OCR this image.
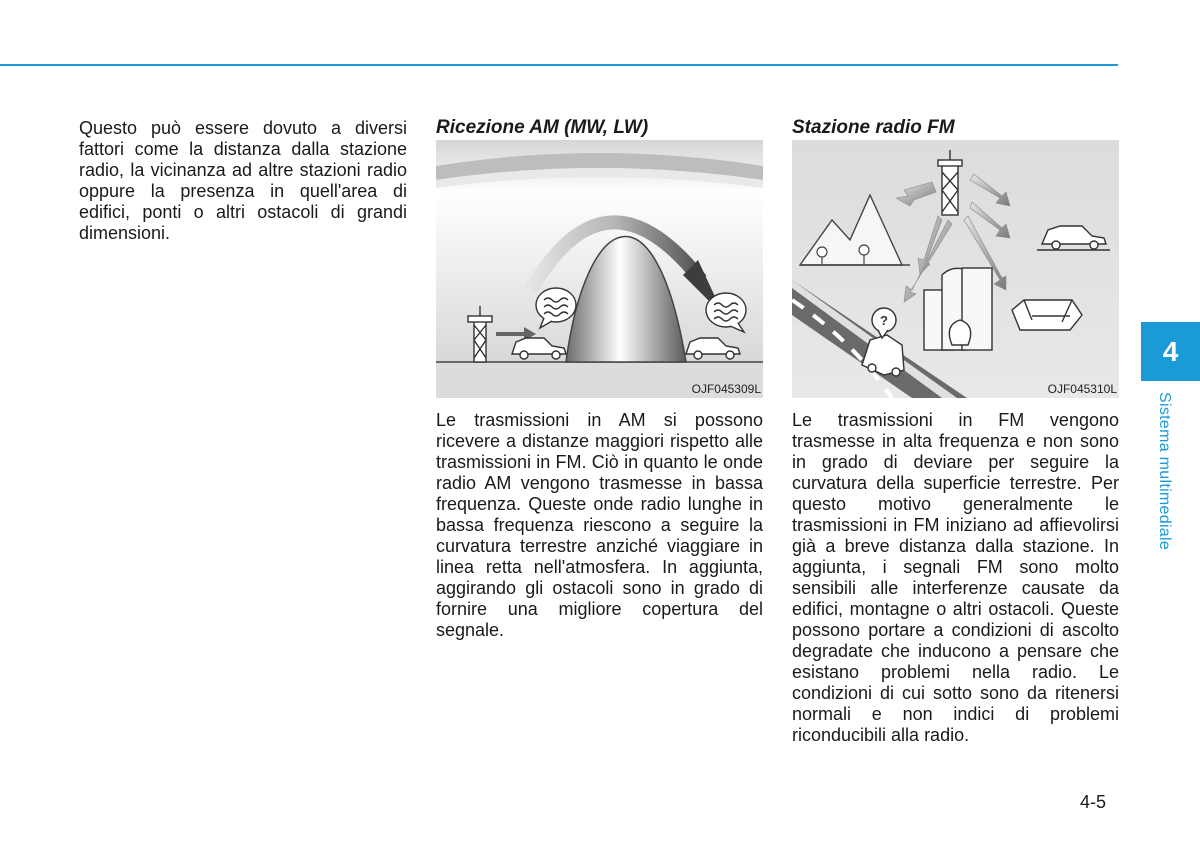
Questo può essere dovuto a diversi fattori come la distanza dalla stazione radio, la vicinanza ad altre stazioni radio oppure la presenza in quell'area di edifici, ponti o altri ostacoli di grandi dimensioni.

Ricezione AM (MW, LW)

OJF045309L

Le trasmissioni in AM si possono ricevere a distanze maggiori rispetto alle trasmissioni in FM. Ciò in quanto le onde radio AM vengono trasmesse in bassa frequenza. Queste onde radio lunghe in bassa frequenza riescono a seguire la curvatura terrestre anziché viaggiare in linea retta nell'atmosfera. In aggiunta, aggirando gli ostacoli sono in grado di fornire una migliore copertura del segnale.

Stazione radio FM

?
OJF045310L

Le trasmissioni in FM vengono trasmesse in alta frequenza e non sono in grado di deviare per seguire la curvatura della superficie terrestre. Per questo motivo generalmente le trasmissioni in FM iniziano ad affievolirsi già a breve distanza dalla stazione. In aggiunta, i segnali FM sono molto sensibili alle interferenze causate da edifici, montagne o altri ostacoli. Queste possono portare a condizioni di ascolto degradate che inducono a pensare che esistano problemi nella radio. Le condizioni di cui sotto sono da ritenersi normali e non indici di problemi riconducibili alla radio.

4
Sistema multimediale
4-5
